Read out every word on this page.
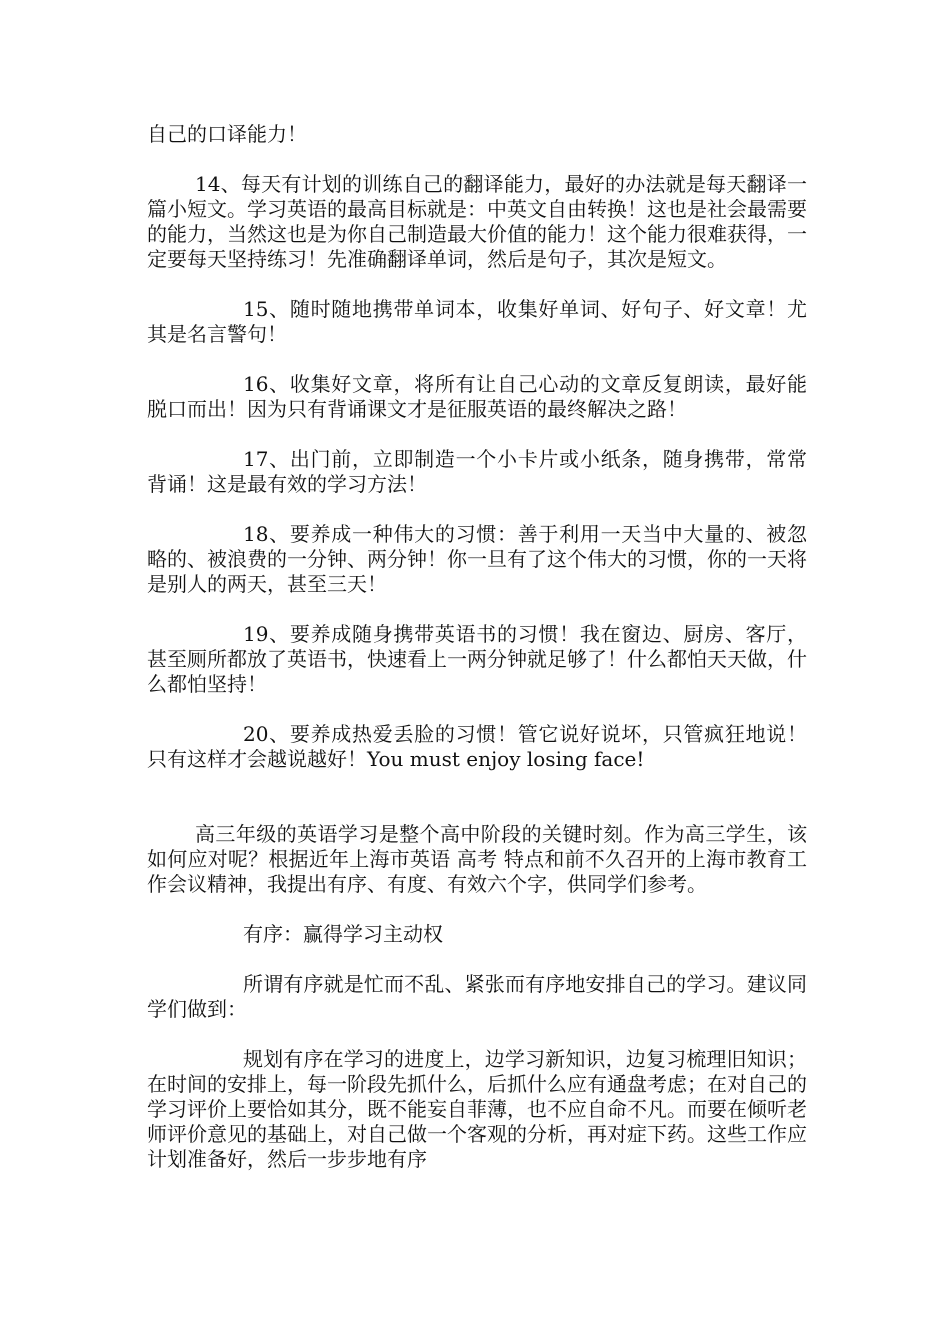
自己的口译能力！

14、每天有计划的训练自己的翻译能力，最好的办法就是每天翻译一篇小短文。学习英语的最高目标就是：中英文自由转换！这也是社会最需要的能力，当然这也是为你自己制造最大价值的能力！这个能力很难获得，一定要每天坚持练习！先准确翻译单词，然后是句子，其次是短文。

15、随时随地携带单词本，收集好单词、好句子、好文章！尤其是名言警句！

16、收集好文章，将所有让自己心动的文章反复朗读，最好能脱口而出！因为只有背诵课文才是征服英语的最终解决之路！

17、出门前，立即制造一个小卡片或小纸条，随身携带，常常背诵！这是最有效的学习方法！

18、要养成一种伟大的习惯：善于利用一天当中大量的、被忽略的、被浪费的一分钟、两分钟！你一旦有了这个伟大的习惯，你的一天将是别人的两天，甚至三天！

19、要养成随身携带英语书的习惯！我在窗边、厨房、客厅，甚至厕所都放了英语书，快速看上一两分钟就足够了！什么都怕天天做，什么都怕坚持！

20、要养成热爱丢脸的习惯！管它说好说坏，只管疯狂地说！只有这样才会越说越好！You must enjoy losing face!

高三年级的英语学习是整个高中阶段的关键时刻。作为高三学生，该如何应对呢？根据近年上海市英语 高考 特点和前不久召开的上海市教育工作会议精神，我提出有序、有度、有效六个字，供同学们参考。

有序：赢得学习主动权

所谓有序就是忙而不乱、紧张而有序地安排自己的学习。建议同学们做到：

规划有序在学习的进度上，边学习新知识，边复习梳理旧知识；在时间的安排上，每一阶段先抓什么，后抓什么应有通盘考虑；在对自己的学习评价上要恰如其分，既不能妄自菲薄，也不应自命不凡。而要在倾听老师评价意见的基础上，对自己做一个客观的分析，再对症下药。这些工作应计划准备好，然后一步步地有序
